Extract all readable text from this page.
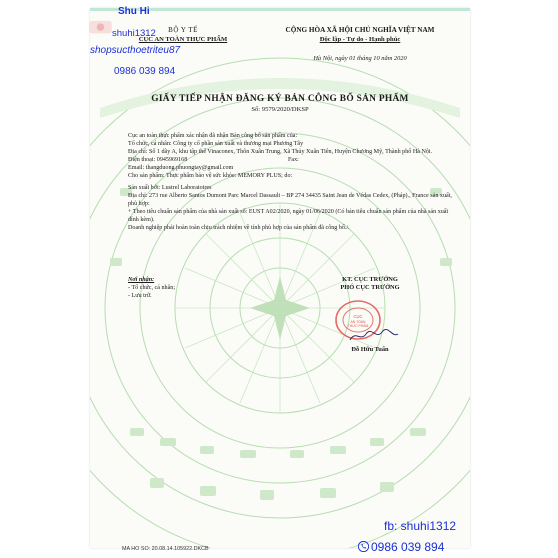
BỘ Y TẾ
CỤC AN TOÀN THỰC PHẨM
CỘNG HÒA XÃ HỘI CHỦ NGHĨA VIỆT NAM
Độc lập - Tự do - Hạnh phúc
Hà Nội, ngày 01 tháng 10 năm 2020
GIẤY TIẾP NHẬN ĐĂNG KÝ BẢN CÔNG BỐ SẢN PHẨM
Số: 9579/2020/DKSP

Cục an toàn thực phẩm xác nhận đã nhận Bản công bố sản phẩm của:

Tổ chức, cá nhân: Công ty cổ phần sản xuất và thương mại Phương Tây

Địa chỉ: Số 1 dãy A, khu tập thể Vinaconex, Thôn Xuân Trung, Xã Thủy Xuân Tiên, Huyện Chương Mỹ, Thành phố Hà Nội.

Điện thoại: 0945969168	Fax:

Email: thangduong.phuongtay@gmail.com

Cho sản phẩm: Thực phẩm bảo vệ sức khỏe: MEMORY PLUS; do:

Sản xuất bởi: Lustrel Laboratoires

Địa chỉ: 273 rue Alberto Santos Dumont Parc Marcel Dassault – BP 274 34435 Saint Jean de Védas Cedex, (Pháp)., France sản xuất, phù hợp:

+ Theo tiêu chuẩn sản phẩm của nhà sản xuất số: EUST A02/2020, ngày 01/06/2020 (Có bản tiêu chuẩn sản phẩm của nhà sản xuất đính kèm).

Doanh nghiệp phải hoàn toàn chịu trách nhiệm về tính phù hợp của sản phẩm đã công bố./.

Nơi nhận:
- Tổ chức, cá nhân;
- Lưu trữ.
KT. CỤC TRƯỞNG
PHÓ CỤC TRƯỞNG
CỤC
AN TOÀN
THỰC PHẨM
Đỗ Hữu Tuấn
MA HO SO: 20.08.14.105922.DKCB
Shu Hi
shuhi1312
shopsucthoetriteu87
0986 039 894
fb: shuhi1312
0986 039 894
